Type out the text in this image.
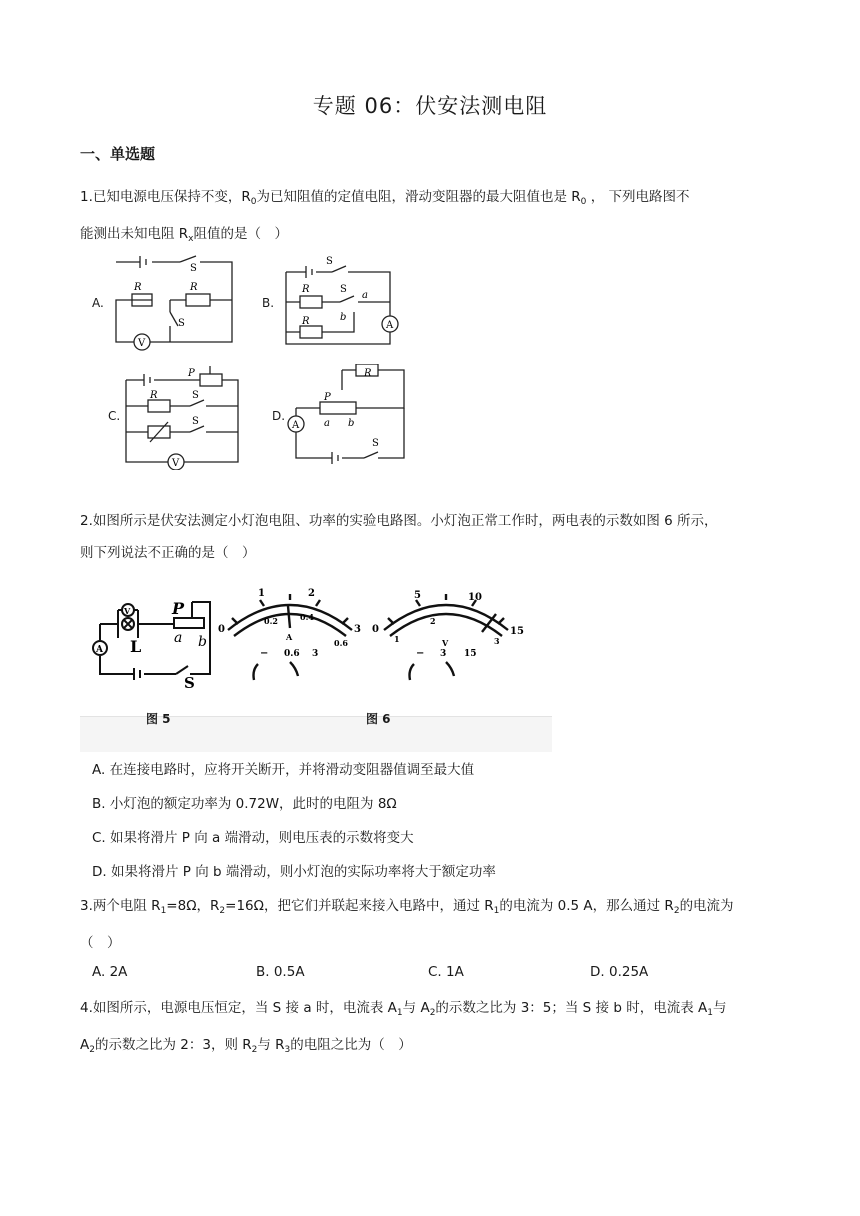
专题 06：伏安法测电阻
一、单选题
1.已知电源电压保持不变，$R_0$为已知阻值的定值电阻，滑动变阻器的最大阻值也是 $R_0$ ， 下列电路图不
能测出未知电阻 $R_x$阻值的是（　）
A.	B.
C.	D.
S
R	R
S
V
S
R	S
a
b
R	A
P
R	S
S
V
R
P
a b
S
A
2.如图所示是伏安法测定小灯泡电阻、功率的实验电路图。小灯泡正常工作时，两电表的示数如图 6 所示，
则下列说法不正确的是（　）
V
A L
P
a b
S
0
1	2
3
0.2	0.4
0.6
A
− 0.6 3
0
5	10
15
1
2
3
V
− 3 15
图 5	图 6
A. 在连接电路时，应将开关断开，并将滑动变阻器值调至最大值
B. 小灯泡的额定功率为 0.72W，此时的电阻为 8Ω
C. 如果将滑片 P 向 a 端滑动，则电压表的示数将变大
D. 如果将滑片 P 向 b 端滑动，则小灯泡的实际功率将大于额定功率
3.两个电阻 $R_1=8\Omega$，$R_2=16\Omega$，把它们并联起来接入电路中，通过 $R_1$的电流为 0.5 A，那么通过 $R_2$的电流为
（　）
A. 2A	B. 0.5A	C. 1A	D. 0.25A
4.如图所示，电源电压恒定，当 S 接 a 时，电流表 $A_1$与 $A_2$的示数之比为 3：5；当 S 接 b 时，电流表 $A_1$与
$A_2$的示数之比为 2：3，则 $R_2$与 $R_3$的电阻之比为（　）
